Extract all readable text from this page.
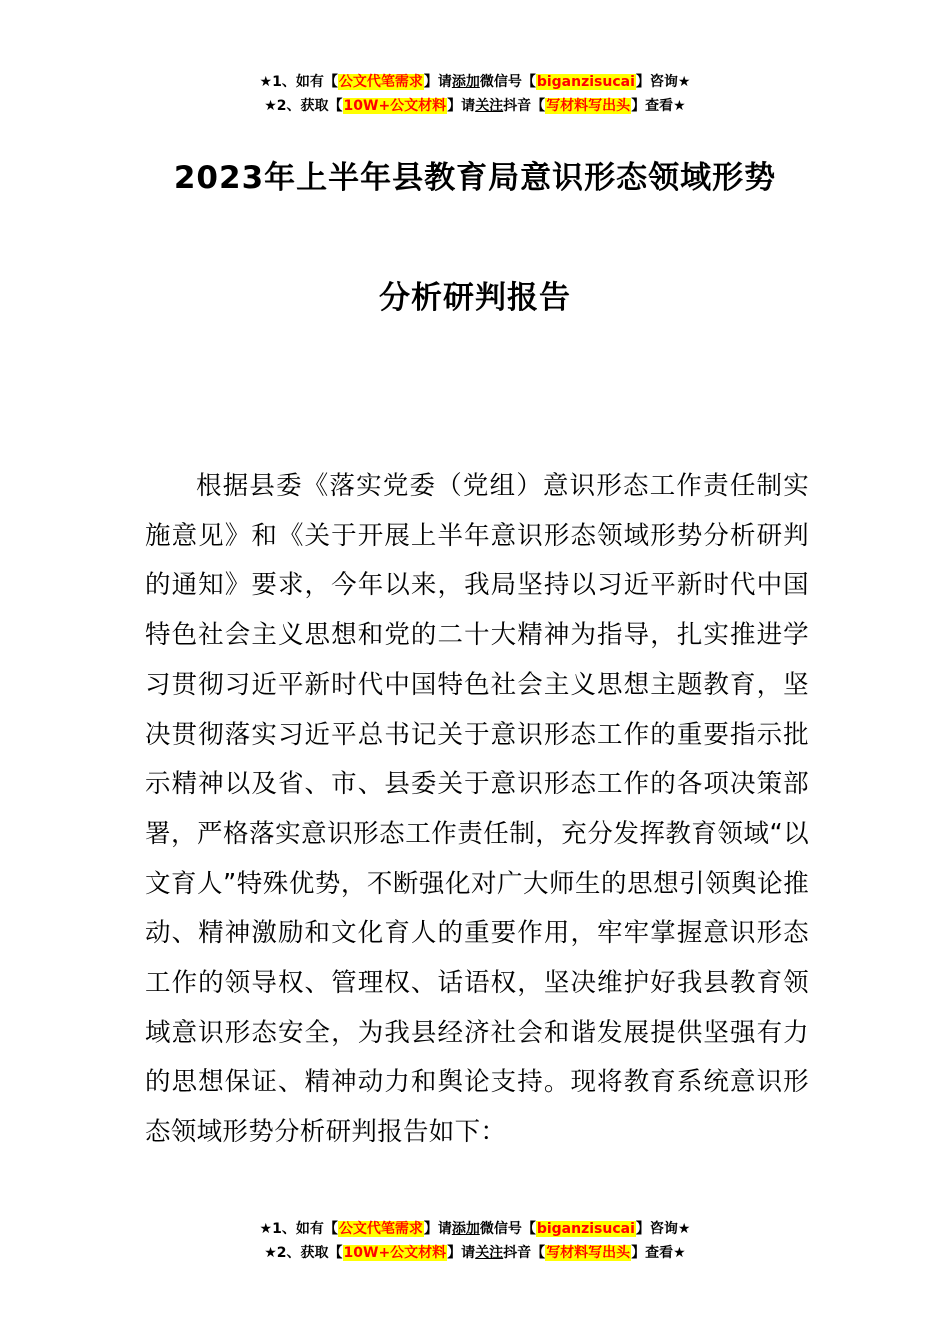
★1、如有【公文代笔需求】请添加微信号【biganzisucai】咨询★
★2、获取【10W+公文材料】请关注抖音【写材料写出头】查看★
2023年上半年县教育局意识形态领域形势
分析研判报告

根据县委《落实党委（党组）意识形态工作责任制实施意见》和《关于开展上半年意识形态领域形势分析研判的通知》要求，今年以来，我局坚持以习近平新时代中国特色社会主义思想和党的二十大精神为指导，扎实推进学习贯彻习近平新时代中国特色社会主义思想主题教育，坚决贯彻落实习近平总书记关于意识形态工作的重要指示批示精神以及省、市、县委关于意识形态工作的各项决策部署，严格落实意识形态工作责任制，充分发挥教育领域“以文育人”特殊优势，不断强化对广大师生的思想引领舆论推动、精神激励和文化育人的重要作用，牢牢掌握意识形态工作的领导权、管理权、话语权，坚决维护好我县教育领域意识形态安全，为我县经济社会和谐发展提供坚强有力的思想保证、精神动力和舆论支持。现将教育系统意识形态领域形势分析研判报告如下：

★1、如有【公文代笔需求】请添加微信号【biganzisucai】咨询★
★2、获取【10W+公文材料】请关注抖音【写材料写出头】查看★
